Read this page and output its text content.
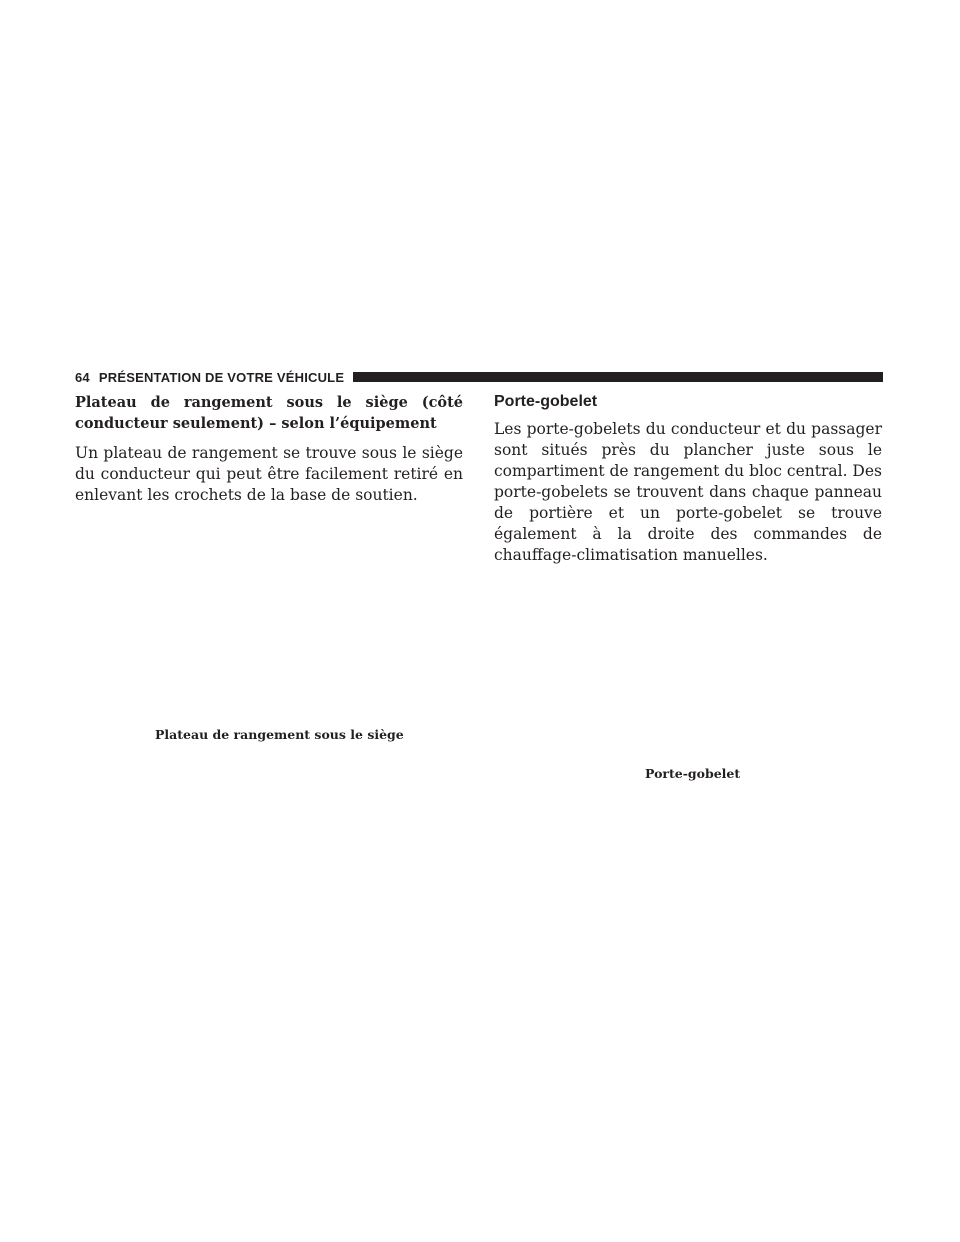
64 PRÉSENTATION DE VOTRE VÉHICULE

Plateau de rangement sous le siège (côté conducteur seulement) – selon l’équipement

Un plateau de rangement se trouve sous le siège du conducteur qui peut être facilement retiré en enlevant les crochets de la base de soutien.

Porte-gobelet

Les porte-gobelets du conducteur et du passager sont situés près du plancher juste sous le compartiment de rangement du bloc central. Des porte-gobelets se trouvent dans chaque panneau de portière et un porte-gobelet se trouve également à la droite des commandes de chauffage-climatisation manuelles.

Plateau de rangement sous le siège
Porte-gobelet
